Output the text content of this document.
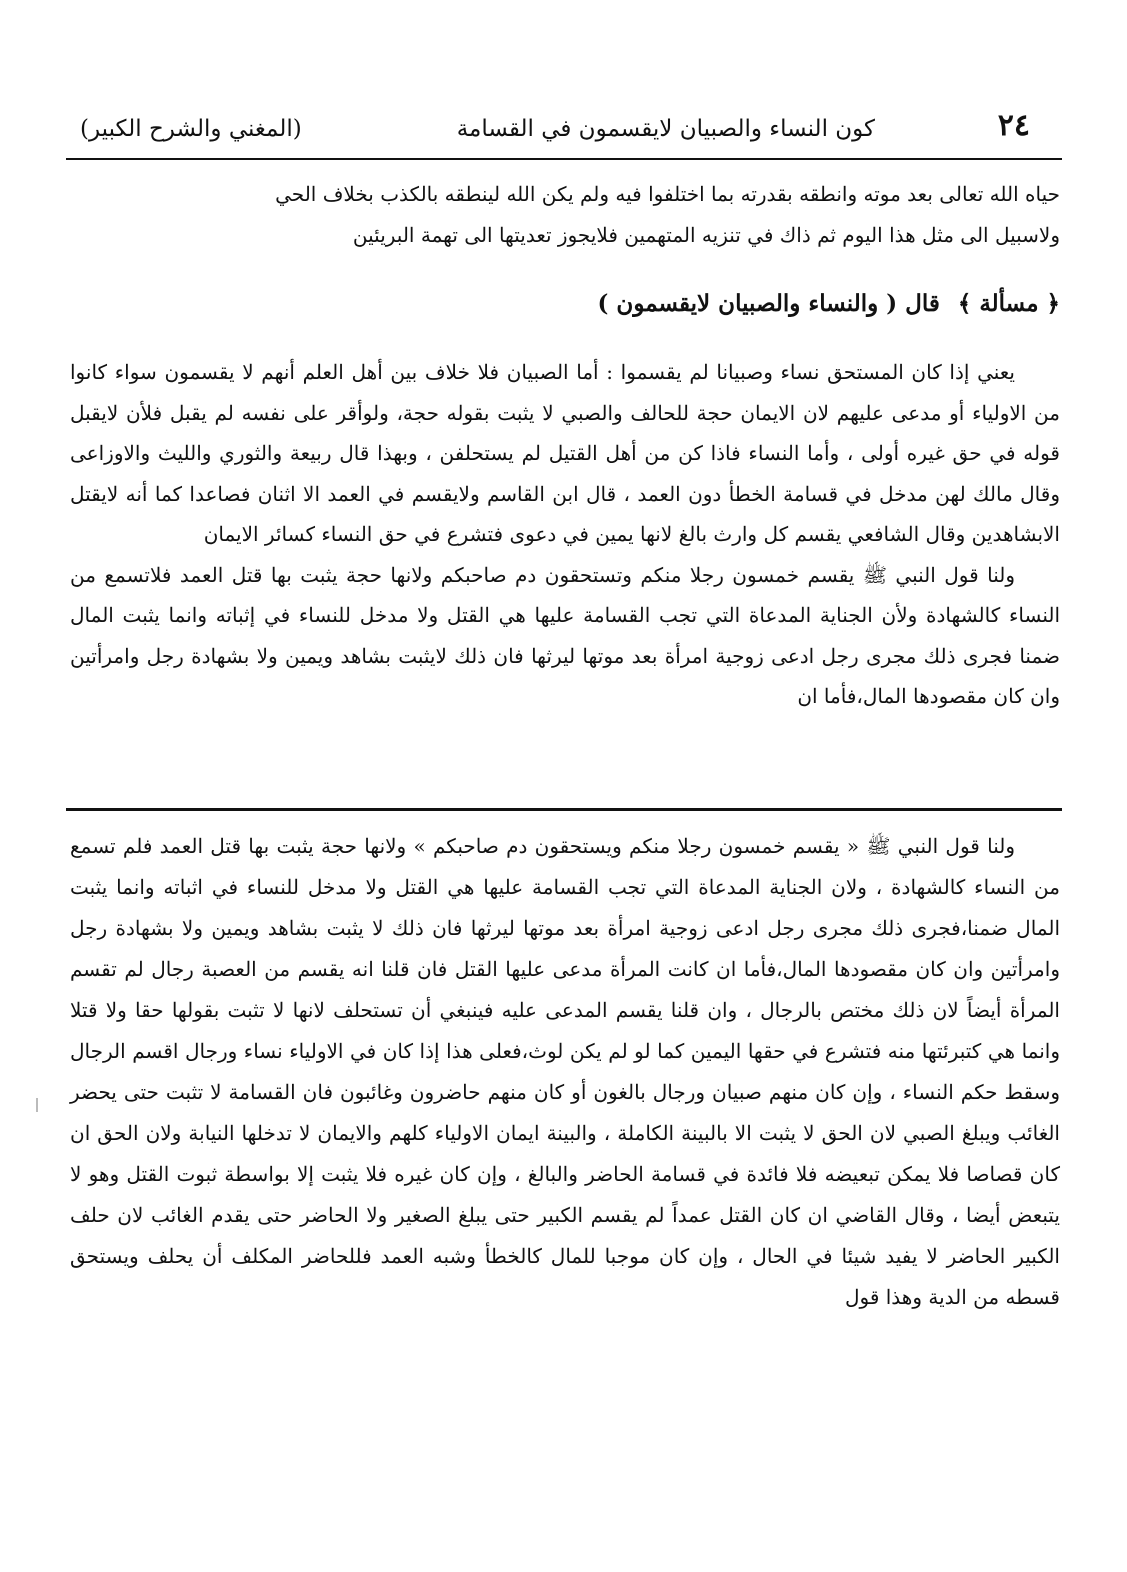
٢٤
كون النساء والصبيان لايقسمون في القسامة
(المغني والشرح الكبير)

حياه الله تعالى بعد موته وانطقه بقدرته بما اختلفوا فيه ولم يكن الله لينطقه بالكذب بخلاف الحي

ولاسبيل الى مثل هذا اليوم ثم ذاك في تنزيه المتهمين فلايجوز تعديتها الى تهمة البريئين

﴿ مسألة ﴾ قال ( والنساء والصبيان لايقسمون )

يعني إذا كان المستحق نساء وصبيانا لم يقسموا : أما الصبيان فلا خلاف بين أهل العلم أنهم لا يقسمون سواء كانوا من الاولياء أو مدعى عليهم لان الايمان حجة للحالف والصبي لا يثبت بقوله حجة، ولوأقر على نفسه لم يقبل فلأن لايقبل قوله في حق غيره أولى ، وأما النساء فاذا كن من أهل القتيل لم يستحلفن ، وبهذا قال ربيعة والثوري والليث والاوزاعى وقال مالك لهن مدخل في قسامة الخطأ دون العمد ، قال ابن القاسم ولايقسم في العمد الا اثنان فصاعدا كما أنه لايقتل الابشاهدين وقال الشافعي يقسم كل وارث بالغ لانها يمين في دعوى فتشرع في حق النساء كسائر الايمان

ولنا قول النبي ﷺ يقسم خمسون رجلا منكم وتستحقون دم صاحبكم ولانها حجة يثبت بها قتل العمد فلاتسمع من النساء كالشهادة ولأن الجناية المدعاة التي تجب القسامة عليها هي القتل ولا مدخل للنساء في إثباته وانما يثبت المال ضمنا فجرى ذلك مجرى رجل ادعى زوجية امرأة بعد موتها ليرثها فان ذلك لايثبت بشاهد ويمين ولا بشهادة رجل وامرأتين وان كان مقصودها المال،فأما ان

ولنا قول النبي ﷺ « يقسم خمسون رجلا منكم ويستحقون دم صاحبكم » ولانها حجة يثبت بها قتل العمد فلم تسمع من النساء كالشهادة ، ولان الجناية المدعاة التي تجب القسامة عليها هي القتل ولا مدخل للنساء في اثباته وانما يثبت المال ضمنا،فجرى ذلك مجرى رجل ادعى زوجية امرأة بعد موتها ليرثها فان ذلك لا يثبت بشاهد ويمين ولا بشهادة رجل وامرأتين وان كان مقصودها المال،فأما ان كانت المرأة مدعى عليها القتل فان قلنا انه يقسم من العصبة رجال لم تقسم المرأة أيضاً لان ذلك مختص بالرجال ، وان قلنا يقسم المدعى عليه فينبغي أن تستحلف لانها لا تثبت بقولها حقا ولا قتلا وانما هي كتبرئتها منه فتشرع في حقها اليمين كما لو لم يكن لوث،فعلى هذا إذا كان في الاولياء نساء ورجال اقسم الرجال وسقط حكم النساء ، وإن كان منهم صبيان ورجال بالغون أو كان منهم حاضرون وغائبون فان القسامة لا تثبت حتى يحضر الغائب ويبلغ الصبي لان الحق لا يثبت الا بالبينة الكاملة ، والبينة ايمان الاولياء كلهم والايمان لا تدخلها النيابة ولان الحق ان كان قصاصا فلا يمكن تبعيضه فلا فائدة في قسامة الحاضر والبالغ ، وإن كان غيره فلا يثبت إلا بواسطة ثبوت القتل وهو لا يتبعض أيضا ، وقال القاضي ان كان القتل عمداً لم يقسم الكبير حتى يبلغ الصغير ولا الحاضر حتى يقدم الغائب لان حلف الكبير الحاضر لا يفيد شيئا في الحال ، وإن كان موجبا للمال كالخطأ وشبه العمد فللحاضر المكلف أن يحلف ويستحق قسطه من الدية وهذا قول
